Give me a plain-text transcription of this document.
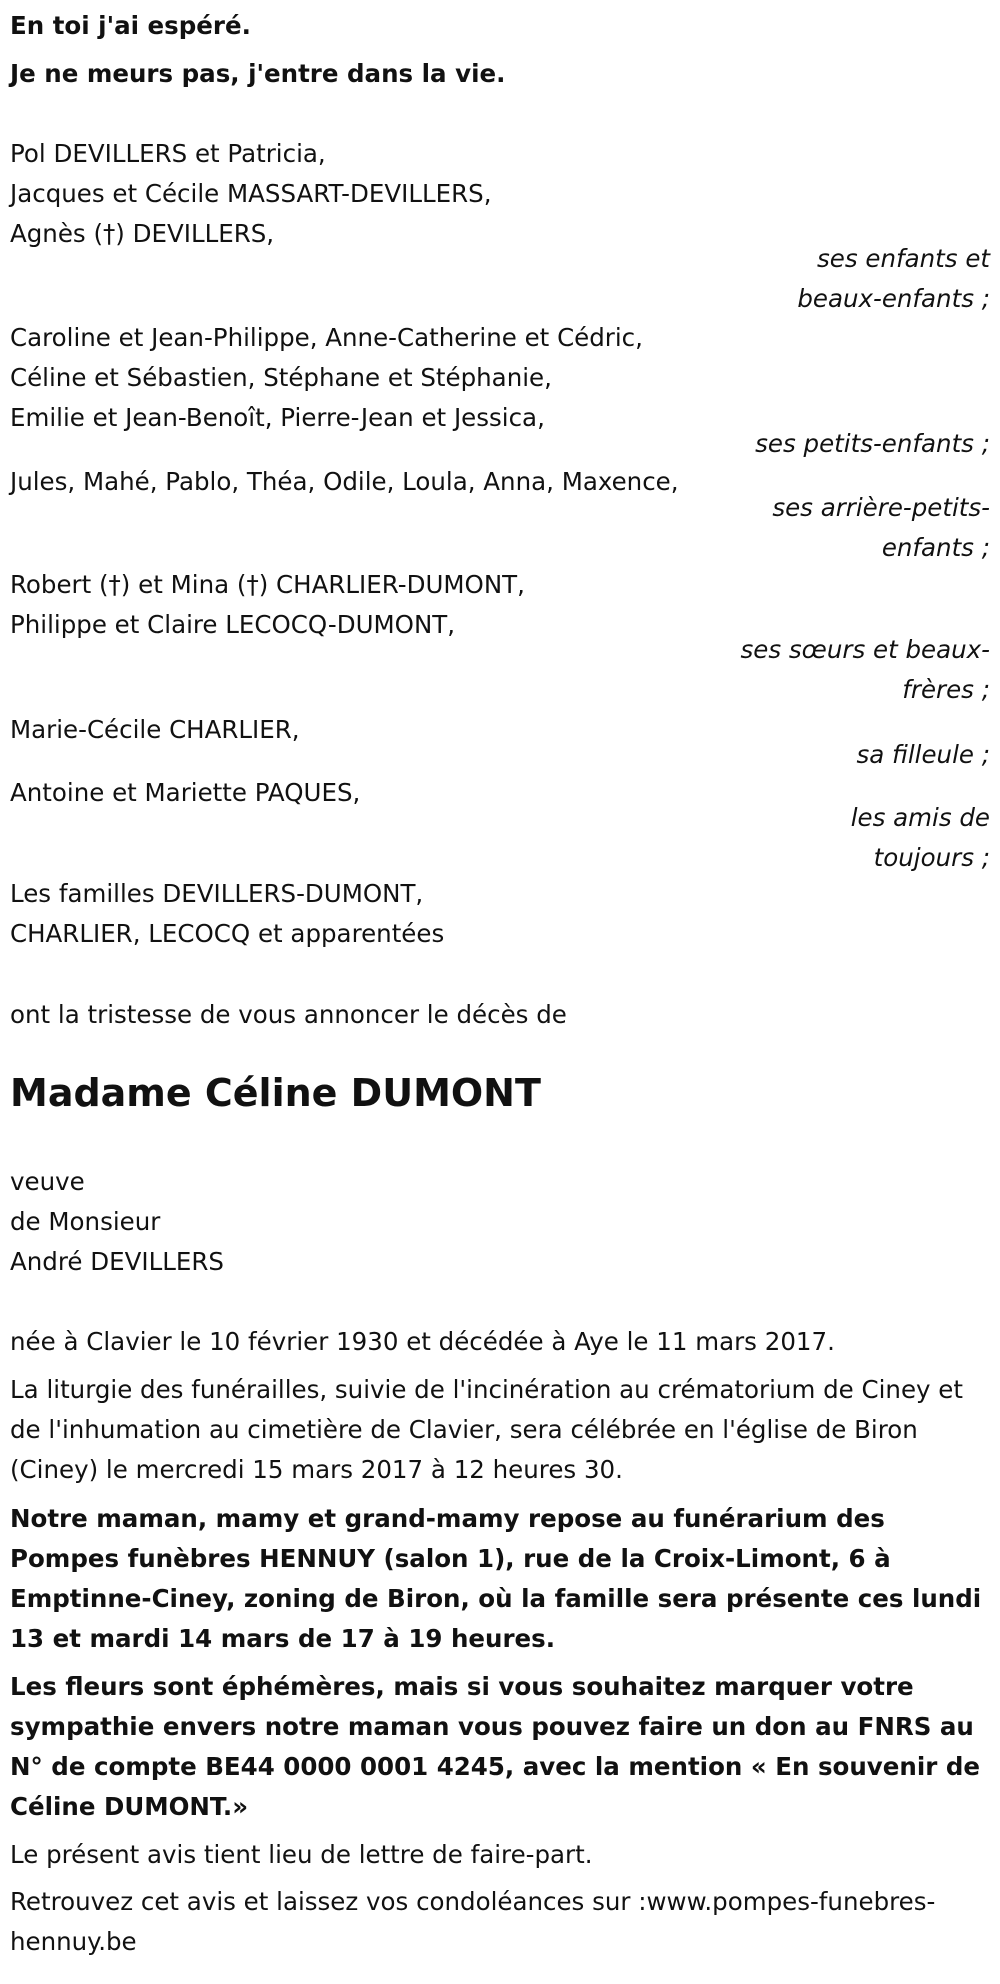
En toi j'ai espéré.

Je ne meurs pas, j'entre dans la vie.

Pol DEVILLERS et Patricia,

Jacques et Cécile MASSART-DEVILLERS,

Agnès (†) DEVILLERS,

ses enfants et

beaux-enfants ;

Caroline et Jean-Philippe, Anne-Catherine et Cédric,

Céline et Sébastien, Stéphane et Stéphanie,

Emilie et Jean-Benoît, Pierre-Jean et Jessica,

ses petits-enfants ;

Jules, Mahé, Pablo, Théa, Odile, Loula, Anna, Maxence,

ses arrière-petits-

enfants ;

Robert (†) et Mina (†) CHARLIER-DUMONT,

Philippe et Claire LECOCQ-DUMONT,

ses sœurs et beaux-

frères ;

Marie-Cécile CHARLIER,

sa filleule ;

Antoine et Mariette PAQUES,

les amis de

toujours ;

Les familles DEVILLERS-DUMONT,

CHARLIER, LECOCQ et apparentées

ont la tristesse de vous annoncer le décès de

Madame Céline DUMONT

veuve

de Monsieur

André DEVILLERS

née à Clavier le 10 février 1930 et décédée à Aye le 11 mars 2017.

La liturgie des funérailles, suivie de l'incinération au crématorium de Ciney et de l'inhumation au cimetière de Clavier, sera célébrée en l'église de Biron (Ciney) le mercredi 15 mars 2017 à 12 heures 30.

Notre maman, mamy et grand-mamy repose au funérarium des Pompes funèbres HENNUY (salon 1), rue de la Croix-Limont, 6 à Emptinne-Ciney, zoning de Biron, où la famille sera présente ces lundi 13 et mardi 14 mars de 17 à 19 heures.

Les fleurs sont éphémères, mais si vous souhaitez marquer votre sympathie envers notre maman vous pouvez faire un don au FNRS au N° de compte BE44 0000 0001 4245, avec la mention « En souvenir de Céline DUMONT.»

Le présent avis tient lieu de lettre de faire-part.

Retrouvez cet avis et laissez vos condoléances sur :www.pompes-funebres-hennuy.be
